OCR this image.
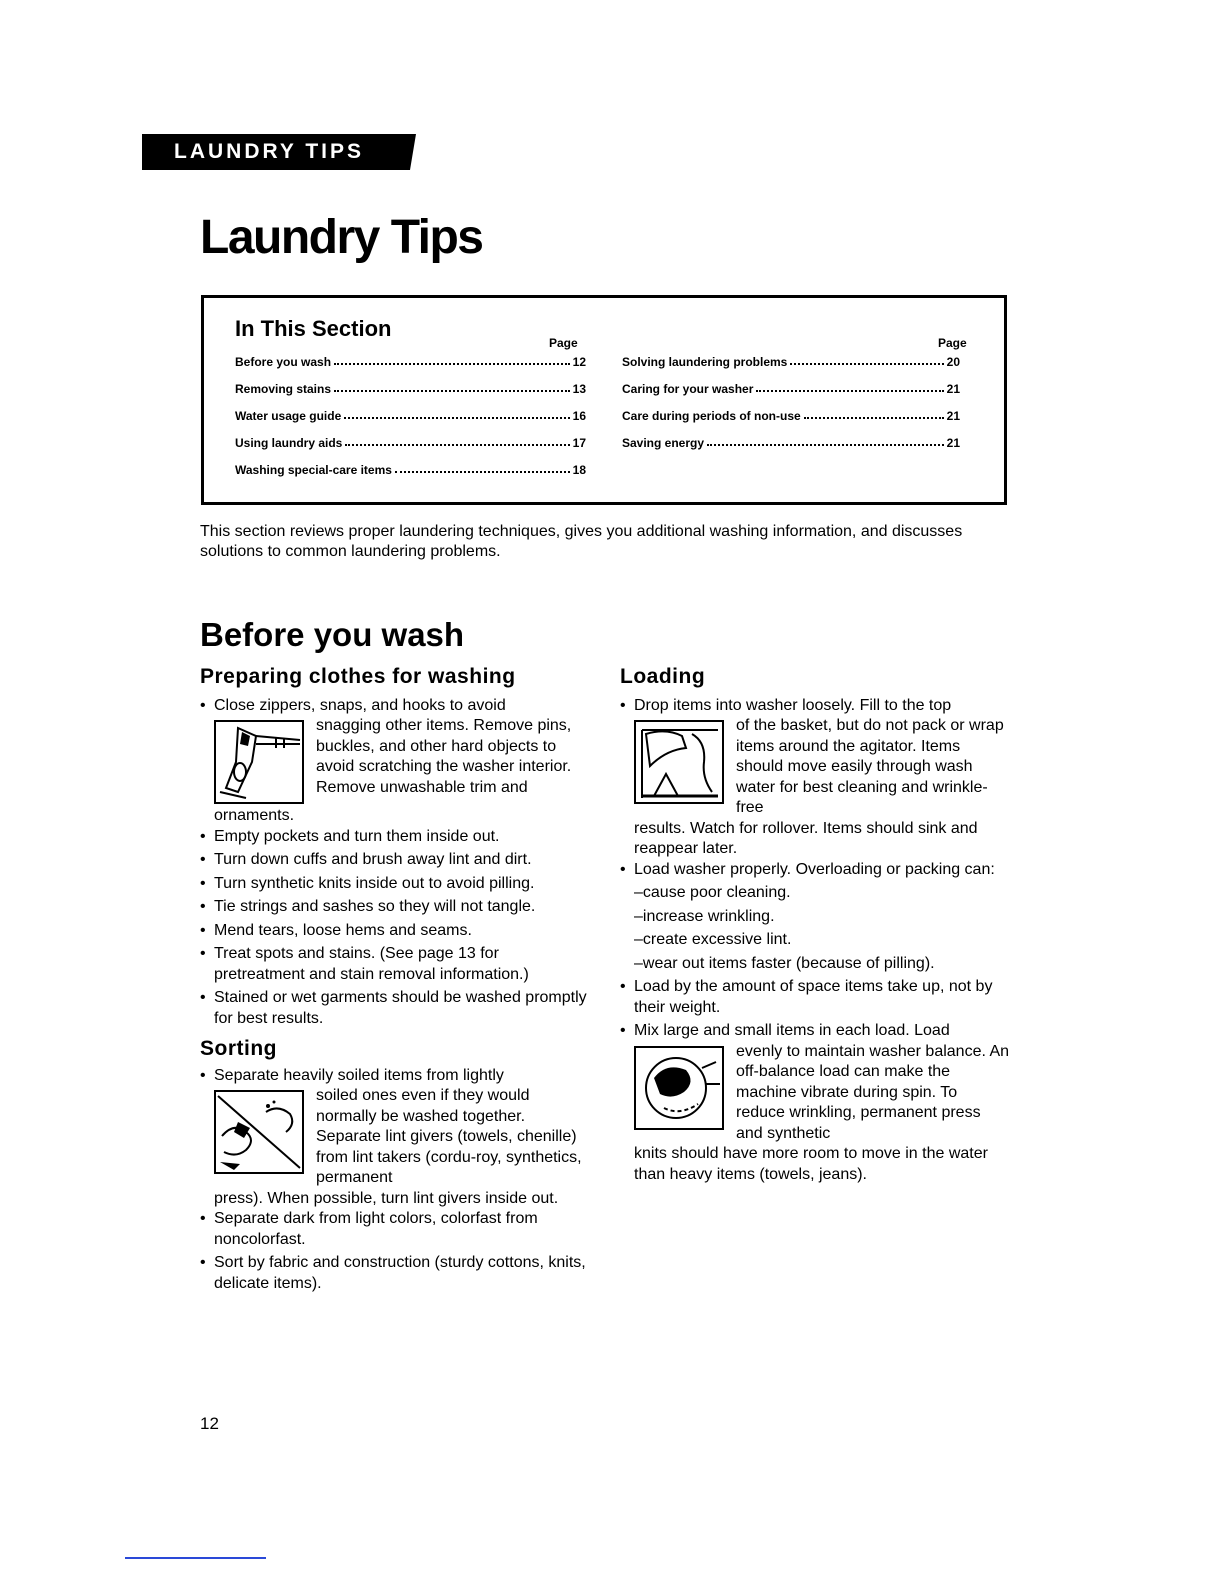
LAUNDRY TIPS
Laundry Tips
In This Section
Page	Page
Before you wash	12
Removing stains	13
Water usage guide	16
Using laundry aids	17
Washing special-care items	18
Solving laundering problems	20
Caring for your washer	21
Care during periods of non-use	21
Saving energy	21
This section reviews proper laundering techniques, gives you additional washing information, and discusses solutions to common laundering problems.
Before you wash
Preparing clothes for washing
• Close zippers, snaps, and hooks to avoid
snagging other items. Remove pins, buckles, and other hard objects to avoid scratching the washer interior. Remove unwashable trim and
ornaments.
• Empty pockets and turn them inside out.
• Turn down cuffs and brush away lint and dirt.
• Turn synthetic knits inside out to avoid pilling.
• Tie strings and sashes so they will not tangle.
• Mend tears, loose hems and seams.
• Treat spots and stains. (See page 13 for pretreatment and stain removal information.)
• Stained or wet garments should be washed promptly for best results.
Sorting
• Separate heavily soiled items from lightly
soiled ones even if they would normally be washed together. Separate lint givers (towels, chenille) from lint takers (cordu-roy, synthetics, permanent
press). When possible, turn lint givers inside out.
• Separate dark from light colors, colorfast from noncolorfast.
• Sort by fabric and construction (sturdy cottons, knits, delicate items).
Loading
• Drop items into washer loosely. Fill to the top
of the basket, but do not pack or wrap items around the agitator. Items should move easily through wash water for best cleaning and wrinkle-free
results. Watch for rollover. Items should sink and reappear later.
• Load washer properly. Overloading or packing can:
–cause poor cleaning.
–increase wrinkling.
–create excessive lint.
–wear out items faster (because of pilling).
• Load by the amount of space items take up, not by their weight.
• Mix large and small items in each load. Load
evenly to maintain washer balance. An off-balance load can make the machine vibrate during spin. To reduce wrinkling, permanent press and synthetic
knits should have more room to move in the water than heavy items (towels, jeans).
12
